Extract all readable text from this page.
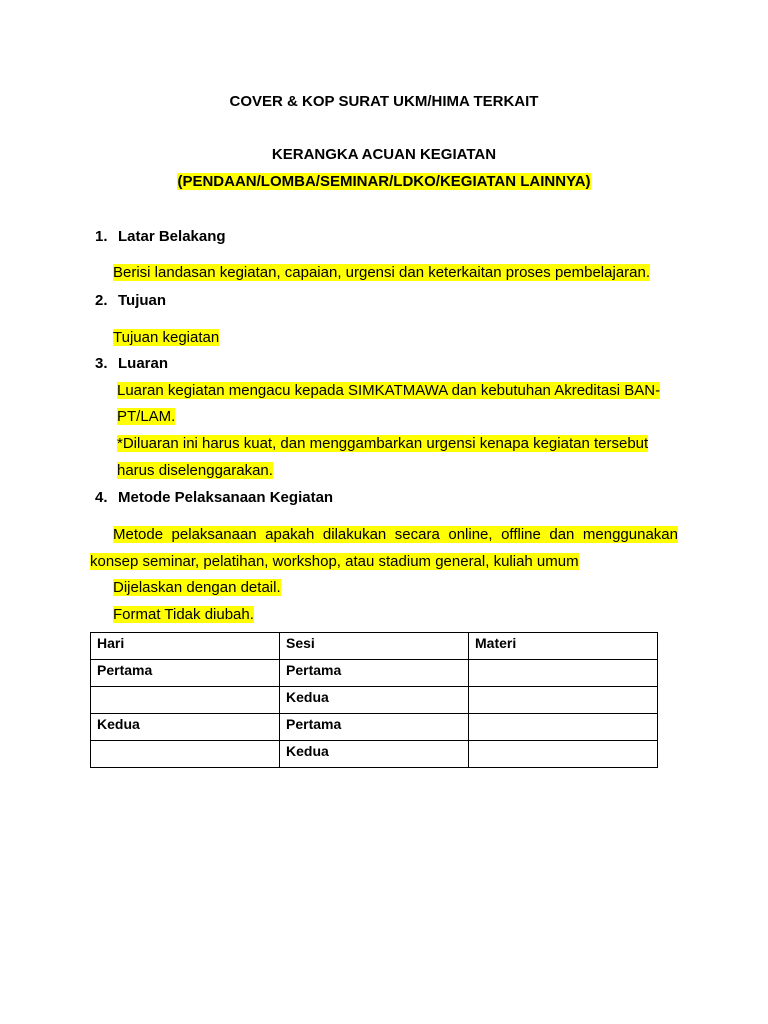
COVER & KOP SURAT UKM/HIMA TERKAIT
KERANGKA ACUAN KEGIATAN
(PENDAAN/LOMBA/SEMINAR/LDKO/KEGIATAN LAINNYA)
1. Latar Belakang
Berisi landasan kegiatan, capaian, urgensi dan keterkaitan proses pembelajaran.
2. Tujuan
Tujuan kegiatan
3. Luaran
Luaran kegiatan mengacu kepada SIMKATMAWA dan kebutuhan Akreditasi BAN-
PT/LAM.
*Diluaran ini harus kuat, dan menggambarkan urgensi kenapa kegiatan tersebut
harus diselenggarakan.
4. Metode Pelaksanaan Kegiatan
Metode pelaksanaan apakah dilakukan secara online, offline dan menggunakan
konsep seminar, pelatihan, workshop, atau stadium general, kuliah umum
Dijelaskan dengan detail.
Format Tidak diubah.
Hari	Sesi	Materi
Pertama	Pertama	
	Kedua	
Kedua	Pertama	
	Kedua	
